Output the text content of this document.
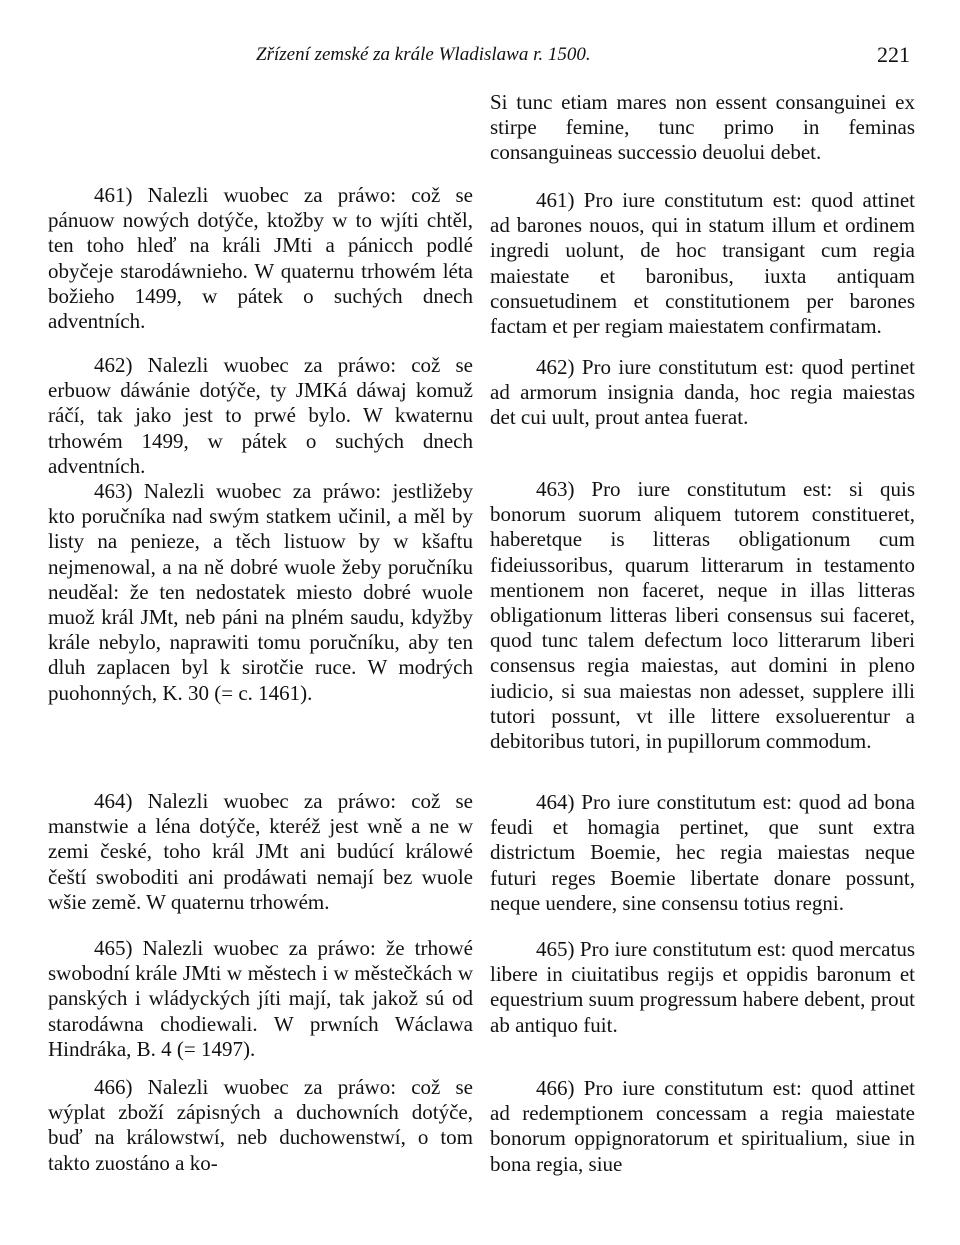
Zřízení zemské za krále Wladislawa r. 1500.	221

461) Nalezli wuobec za práwo: což se pánuow nowých dotýče, ktožby w to wjíti chtěl, ten toho hleď na králi JMti a pánicch podlé obyčeje starodáwnieho. W quaternu trhowém léta božieho 1499, w pátek o suchých dnech adventních.

462) Nalezli wuobec za práwo: což se erbuow dáwánie dotýče, ty JMKá dáwaj komuž ráčí, tak jako jest to prwé bylo. W kwaternu trhowém 1499, w pátek o suchých dnech adventních.

463) Nalezli wuobec za práwo: jestližeby kto poručníka nad swým statkem učinil, a měl by listy na penieze, a těch listuow by w kšaftu nejmenowal, a na ně dobré wuole žeby poručníku neuděal: že ten nedostatek miesto dobré wuole muož král JMt, neb páni na plném saudu, kdyžby krále nebylo, naprawiti tomu poručníku, aby ten dluh zaplacen byl k sirotčie ruce. W modrých puohonných, K. 30 (= c. 1461).

464) Nalezli wuobec za práwo: což se manstwie a léna dotýče, kteréž jest wně a ne w zemi české, toho král JMt ani budúcí králowé čeští swoboditi ani prodáwati nemají bez wuole wšie země. W quaternu trhowém.

465) Nalezli wuobec za práwo: že trhowé swobodní krále JMti w městech i w městečkách w panských i wládyckých jíti mají, tak jakož sú od starodáwna chodiewali. W prwních Wáclawa Hindráka, B. 4 (= 1497).

466) Nalezli wuobec za práwo: což se wýplat zboží zápisných a duchowních dotýče, buď na králowstwí, neb duchowenstwí, o tom takto zuostáno a ko-

Si tunc etiam mares non essent consanguinei ex stirpe femine, tunc primo in feminas consanguineas successio deuolui debet.

461) Pro iure constitutum est: quod attinet ad barones nouos, qui in statum illum et ordinem ingredi uolunt, de hoc transigant cum regia maiestate et baronibus, iuxta antiquam consuetudinem et constitutionem per barones factam et per regiam maiestatem confirmatam.

462) Pro iure constitutum est: quod pertinet ad armorum insignia danda, hoc regia maiestas det cui uult, prout antea fuerat.

463) Pro iure constitutum est: si quis bonorum suorum aliquem tutorem constitueret, haberetque is litteras obligationum cum fideiussoribus, quarum litterarum in testamento mentionem non faceret, neque in illas litteras obligationum litteras liberi consensus sui faceret, quod tunc talem defectum loco litterarum liberi consensus regia maiestas, aut domini in pleno iudicio, si sua maiestas non adesset, supplere illi tutori possunt, vt ille littere exsoluerentur a debitoribus tutori, in pupillorum commodum.

464) Pro iure constitutum est: quod ad bona feudi et homagia pertinet, que sunt extra districtum Boemie, hec regia maiestas neque futuri reges Boemie libertate donare possunt, neque uendere, sine consensu totius regni.

465) Pro iure constitutum est: quod mercatus libere in ciuitatibus regijs et oppidis baronum et equestrium suum progressum habere debent, prout ab antiquo fuit.

466) Pro iure constitutum est: quod attinet ad redemptionem concessam a regia maiestate bonorum oppignoratorum et spiritualium, siue in bona regia, siue
